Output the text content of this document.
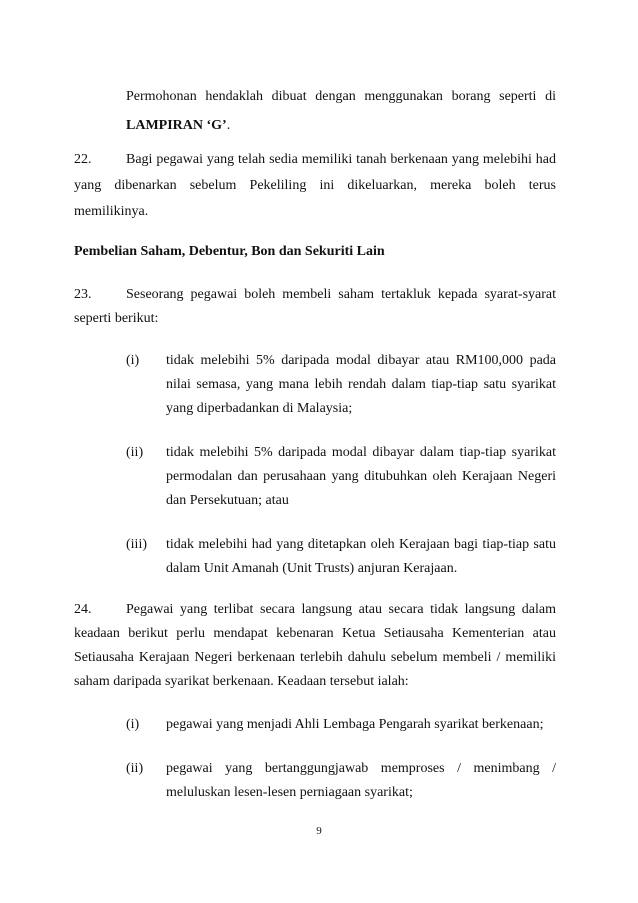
Permohonan hendaklah dibuat dengan menggunakan borang seperti di
LAMPIRAN ‘G’.
22. Bagi pegawai yang telah sedia memiliki tanah berkenaan yang melebihi had
yang dibenarkan sebelum Pekeliling ini dikeluarkan, mereka boleh terus
memilikinya.
Pembelian Saham, Debentur, Bon dan Sekuriti Lain
23. Seseorang pegawai boleh membeli saham tertakluk kepada syarat-syarat
seperti berikut:
(i) tidak melebihi 5% daripada modal dibayar atau RM100,000 pada
nilai semasa, yang mana lebih rendah dalam tiap-tiap satu syarikat
yang diperbadankan di Malaysia;
(ii) tidak melebihi 5% daripada modal dibayar dalam tiap-tiap syarikat
permodalan dan perusahaan yang ditubuhkan oleh Kerajaan Negeri
dan Persekutuan; atau
(iii) tidak melebihi had yang ditetapkan oleh Kerajaan bagi tiap-tiap satu
dalam Unit Amanah (Unit Trusts) anjuran Kerajaan.
24. Pegawai yang terlibat secara langsung atau secara tidak langsung dalam
keadaan berikut perlu mendapat kebenaran Ketua Setiausaha Kementerian atau
Setiausaha Kerajaan Negeri berkenaan terlebih dahulu sebelum membeli / memiliki
saham daripada syarikat berkenaan. Keadaan tersebut ialah:
(i) pegawai yang menjadi Ahli Lembaga Pengarah syarikat berkenaan;
(ii) pegawai yang bertanggungjawab memproses / menimbang /
meluluskan lesen-lesen perniagaan syarikat;
9
